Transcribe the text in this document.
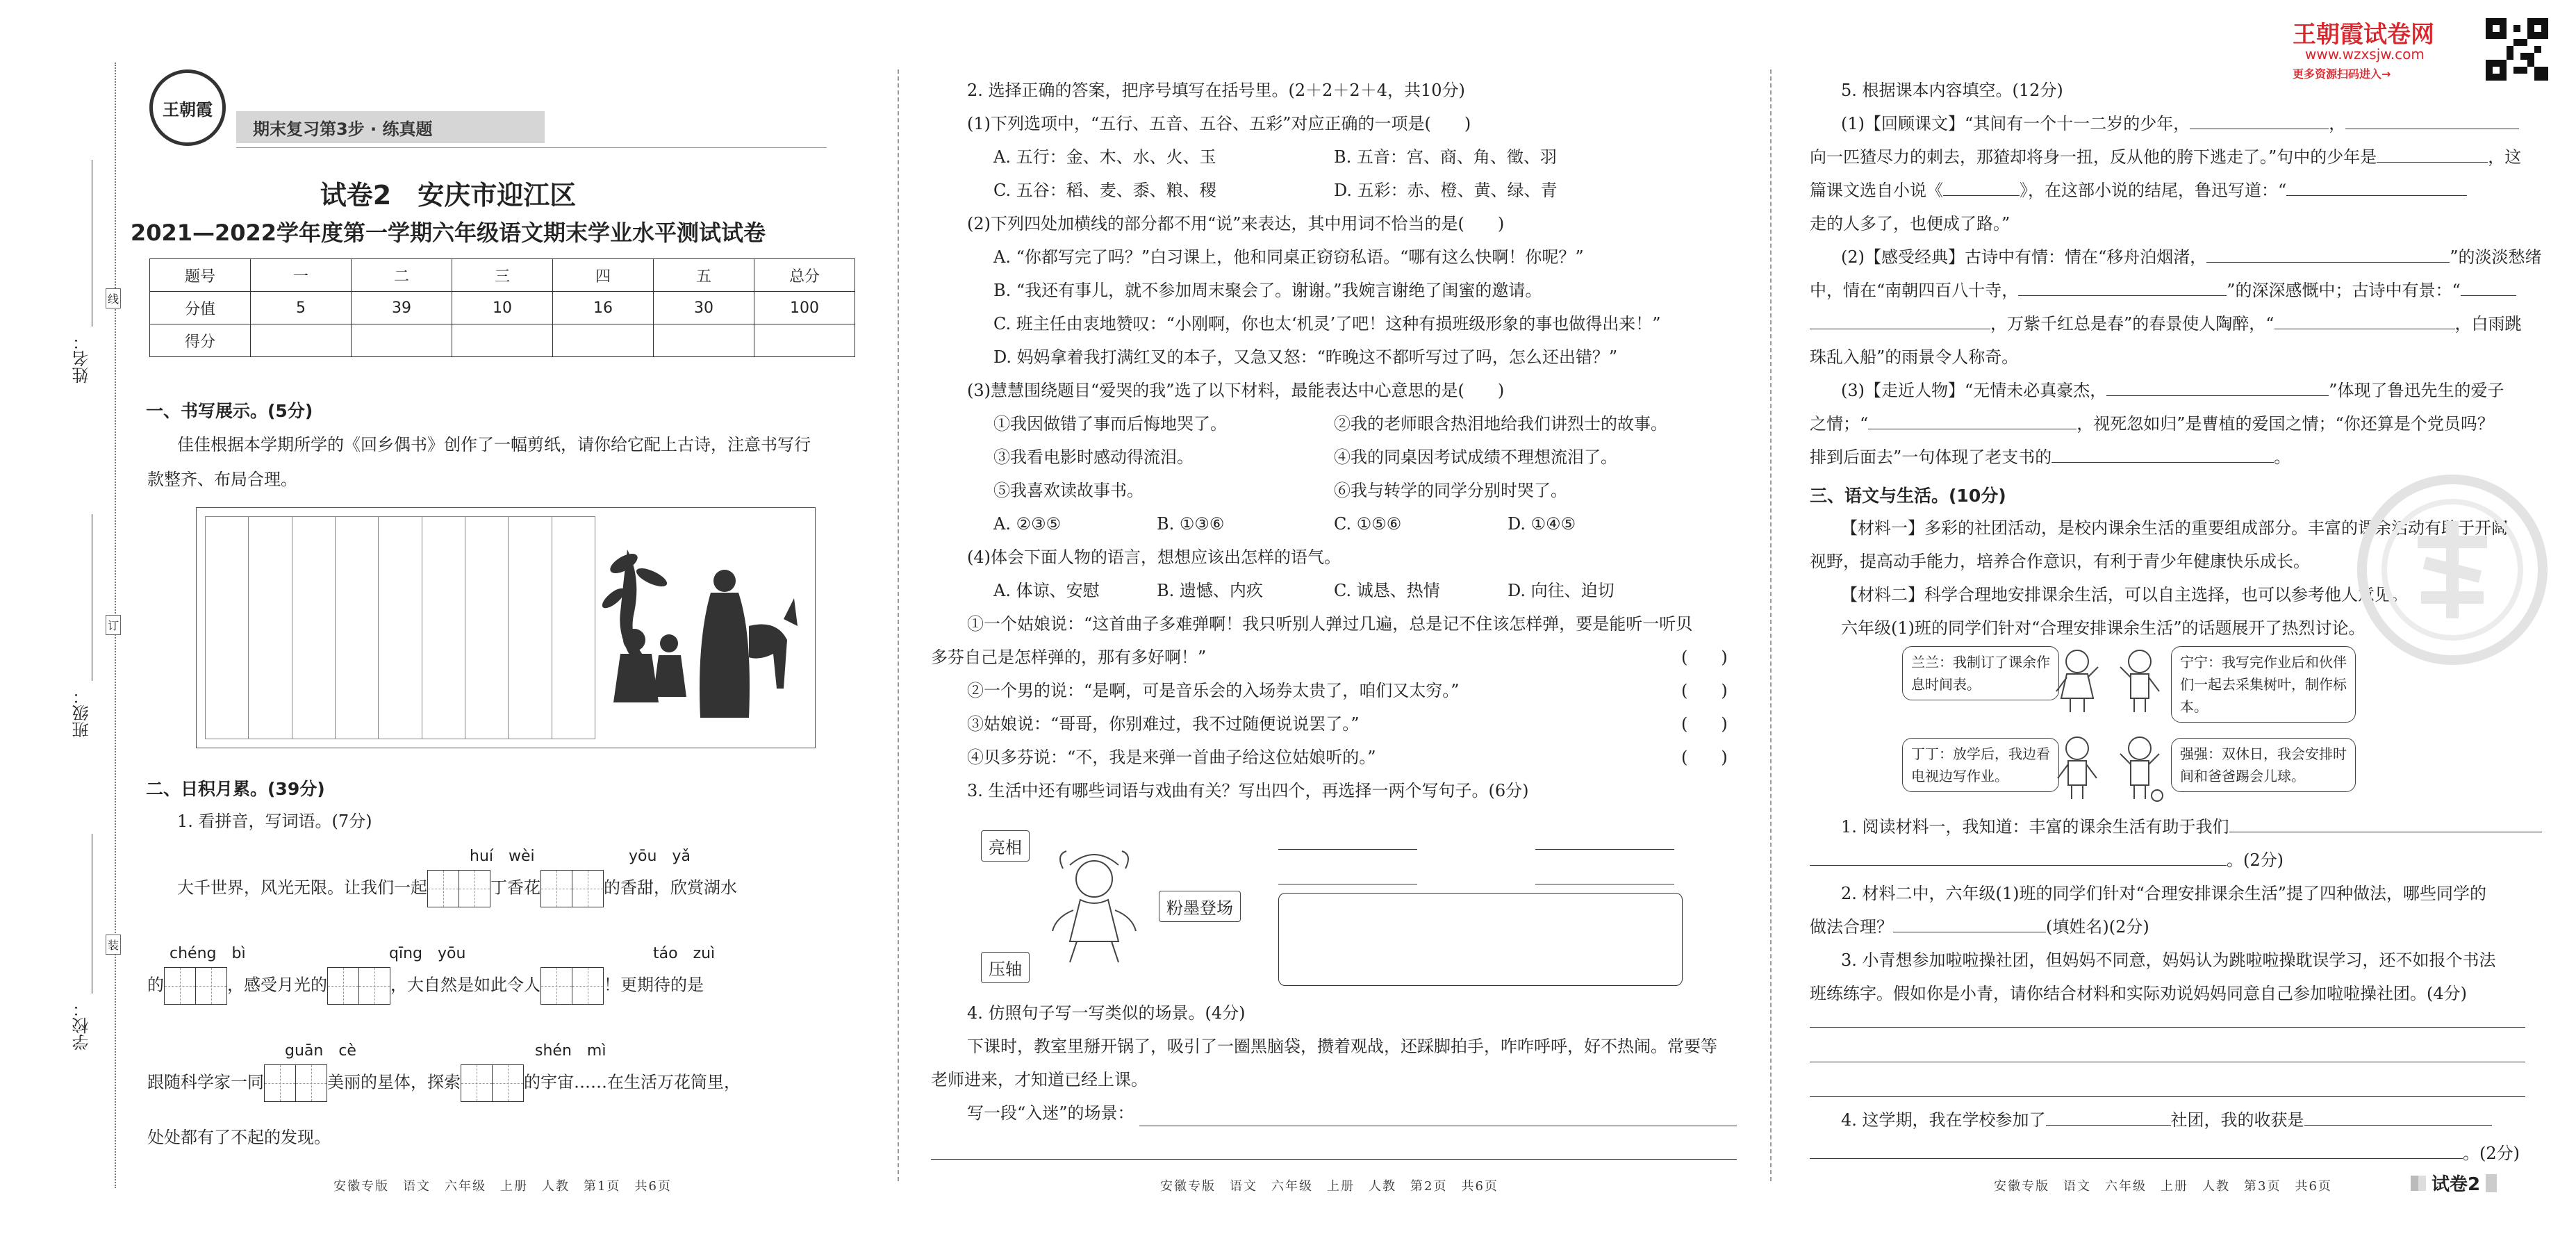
姓名：
班级：
学校：
线
订
装
王朝霞
期末复习第3步 · 练真题
试卷2　安庆市迎江区
2021—2022学年度第一学期六年级语文期末学业水平测试试卷
题号	一	二	三	四	五	总分
分值	5	39	10	16	30	100
得分						
一、书写展示。(5分)
佳佳根据本学期所学的《回乡偶书》创作了一幅剪纸，请你给它配上古诗，注意书写行
款整齐、布局合理。
二、日积月累。(39分)
1. 看拼音，写词语。(7分)
huí　wèi	yōu　yǎ
大千世界，风光无限。让我们一起	丁香花	的香甜，欣赏湖水
chéng　bì	qīng　yōu	táo　zuì
的	，感受月光的	，大自然是如此令人	！更期待的是
guān　cè	shén　mì
跟随科学家一同	美丽的星体，探索	的宇宙……在生活万花筒里，
处处都有了不起的发现。
安徽专版　语文　六年级　上册　人教　第1页　共6页
2. 选择正确的答案，把序号填写在括号里。(2＋2＋2＋4，共10分)
(1)下列选项中，“五行、五音、五谷、五彩”对应正确的一项是(　　)
A. 五行：金、木、水、火、玉	B. 五音：宫、商、角、徵、羽
C. 五谷：稻、麦、黍、粮、稷	D. 五彩：赤、橙、黄、绿、青
(2)下列四处加横线的部分都不用“说”来表达，其中用词不恰当的是(　　)
A. “你都写完了吗？”白习课上，他和同桌正窃窃私语。“哪有这么快啊！你呢？”
B. “我还有事儿，就不参加周末聚会了。谢谢。”我婉言谢绝了闺蜜的邀请。
C. 班主任由衷地赞叹：“小刚啊，你也太‘机灵’了吧！这种有损班级形象的事也做得出来！”
D. 妈妈拿着我打满红叉的本子，又急又怒：“昨晚这不都听写过了吗，怎么还出错？”
(3)慧慧围绕题目“爱哭的我”选了以下材料，最能表达中心意思的是(　　)
①我因做错了事而后悔地哭了。	②我的老师眼含热泪地给我们讲烈士的故事。
③我看电影时感动得流泪。	④我的同桌因考试成绩不理想流泪了。
⑤我喜欢读故事书。	⑥我与转学的同学分别时哭了。
A. ②③⑤	B. ①③⑥	C. ①⑤⑥	D. ①④⑤
(4)体会下面人物的语言，想想应该出怎样的语气。
A. 体谅、安慰	B. 遗憾、内疚	C. 诚恳、热情	D. 向往、迫切
①一个姑娘说：“这首曲子多难弹啊！我只听别人弹过几遍，总是记不住该怎样弹，要是能听一听贝
多芬自己是怎样弹的，那有多好啊！”	(　　)
②一个男的说：“是啊，可是音乐会的入场券太贵了，咱们又太穷。”	(　　)
③姑娘说：“哥哥，你别难过，我不过随便说说罢了。”	(　　)
④贝多芬说：“不，我是来弹一首曲子给这位姑娘听的。”	(　　)
3. 生活中还有哪些词语与戏曲有关？写出四个，再选择一两个写句子。(6分)
亮相
粉墨登场
压轴
4. 仿照句子写一写类似的场景。(4分)
下课时，教室里掰开锅了，吸引了一圈黑脑袋，攒着观战，还踩脚拍手，咋咋呼呼，好不热闹。常要等
老师进来，才知道已经上课。
写一段“入迷”的场景：
安徽专版　语文　六年级　上册　人教　第2页　共6页
王朝霞试卷网
www.wzxsjw.com
更多资源扫码进入→
5. 根据课本内容填空。(12分)
(1)【回顾课文】“其间有一个十一二岁的少年，	，
向一匹猹尽力的刺去，那猹却将身一扭，反从他的胯下逃走了。”句中的少年是	，这
篇课文选自小说《	》，在这部小说的结尾，鲁迅写道：“
走的人多了，也便成了路。”
(2)【感受经典】古诗中有情：情在“移舟泊烟渚，	”的淡淡愁绪
中，情在“南朝四百八十寺，	”的深深感慨中；古诗中有景：“
，万紫千红总是春”的春景使人陶醉，“	，白雨跳
珠乱入船”的雨景令人称奇。
(3)【走近人物】“无情未必真豪杰，	”体现了鲁迅先生的爱子
之情；“	，视死忽如归”是曹植的爱国之情；“你还算是个党员吗？
排到后面去”一句体现了老支书的	。
三、语文与生活。(10分)
【材料一】多彩的社团活动，是校内课余生活的重要组成部分。丰富的课余活动有助于开阔
视野，提高动手能力，培养合作意识，有利于青少年健康快乐成长。
【材料二】科学合理地安排课余生活，可以自主选择，也可以参考他人意见。
六年级(1)班的同学们针对“合理安排课余生活”的话题展开了热烈讨论。
兰兰：我制订了课余作息时间表。
宁宁：我写完作业后和伙伴们一起去采集树叶，制作标本。
丁丁：放学后，我边看电视边写作业。
强强：双休日，我会安排时间和爸爸踢会儿球。
1. 阅读材料一，我知道：丰富的课余生活有助于我们
。(2分)
2. 材料二中，六年级(1)班的同学们针对“合理安排课余生活”提了四种做法，哪些同学的
做法合理？	(填姓名)(2分)
3. 小青想参加啦啦操社团，但妈妈不同意，妈妈认为跳啦啦操耽误学习，还不如报个书法
班练练字。假如你是小青，请你结合材料和实际劝说妈妈同意自己参加啦啦操社团。(4分)
4. 这学期，我在学校参加了	社团，我的收获是
。(2分)
安徽专版　语文　六年级　上册　人教　第3页　共6页	试卷2
